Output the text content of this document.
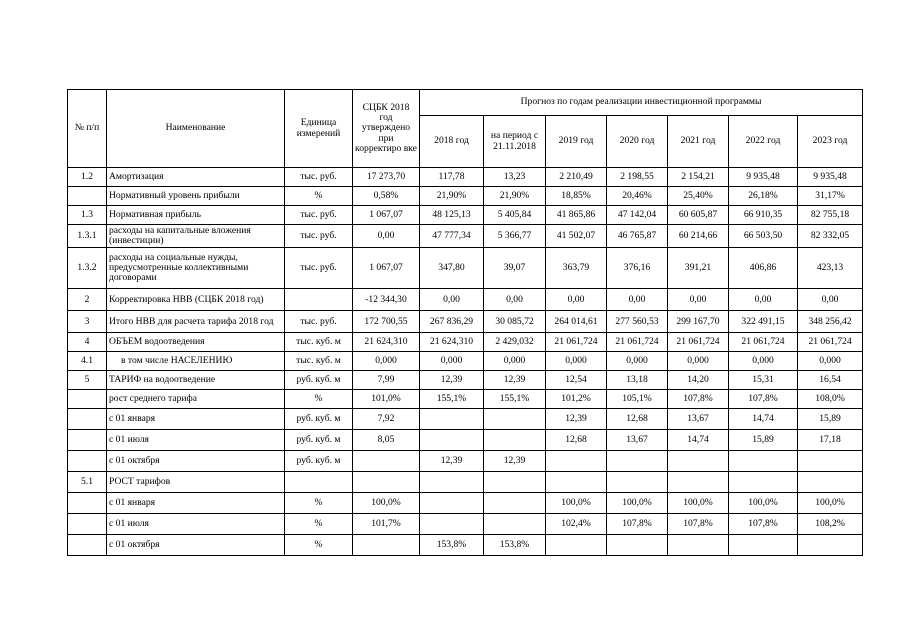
№ п/п	Наименование	Единица измерений	СЦБК 2018 год утверждено при корректиро вке	Прогноз по годам реализации инвестиционной программы						
				2018 год	на период с 21.11.2018	2019 год	2020 год	2021 год	2022 год	2023 год
1.2	Амортизация	тыс. руб.	17 273,70	117,78	13,23	2 210,49	2 198,55	2 154,21	9 935,48	9 935,48
	Нормативный уровень прибыли	%	0,58%	21,90%	21,90%	18,85%	20,46%	25,40%	26,18%	31,17%
1.3	Нормативная прибыль	тыс. руб.	1 067,07	48 125,13	5 405,84	41 865,86	47 142,04	60 605,87	66 910,35	82 755,18
1.3.1	расходы на капитальные вложения (инвестиции)	тыс. руб.	0,00	47 777,34	5 366,77	41 502,07	46 765,87	60 214,66	66 503,50	82 332,05
1.3.2	расходы на социальные нужды, предусмотренные коллективными договорами	тыс. руб.	1 067,07	347,80	39,07	363,79	376,16	391,21	406,86	423,13
2	Корректировка НВВ (СЦБК 2018 год)		-12 344,30	0,00	0,00	0,00	0,00	0,00	0,00	0,00
3	Итого НВВ для расчета тарифа 2018 год	тыс. руб.	172 700,55	267 836,29	30 085,72	264 014,61	277 560,53	299 167,70	322 491,15	348 256,42
4	ОБЪЕМ водоотведения	тыс. куб. м	21 624,310	21 624,310	2 429,032	21 061,724	21 061,724	21 061,724	21 061,724	21 061,724
4.1	в том числе НАСЕЛЕНИЮ	тыс. куб. м	0,000	0,000	0,000	0,000	0,000	0,000	0,000	0,000
5	ТАРИФ на водоотведение	руб. куб. м	7,99	12,39	12,39	12,54	13,18	14,20	15,31	16,54
	рост среднего тарифа	%	101,0%	155,1%	155,1%	101,2%	105,1%	107,8%	107,8%	108,0%
	с 01 января	руб. куб. м	7,92			12,39	12,68	13,67	14,74	15,89
	с 01 июля	руб. куб. м	8,05			12,68	13,67	14,74	15,89	17,18
	с 01 октября	руб. куб. м		12,39	12,39					
5.1	РОСТ тарифов									
	с 01 января	%	100,0%			100,0%	100,0%	100,0%	100,0%	100,0%
	с 01 июля	%	101,7%			102,4%	107,8%	107,8%	107,8%	108,2%
	с 01 октября	%		153,8%	153,8%					
